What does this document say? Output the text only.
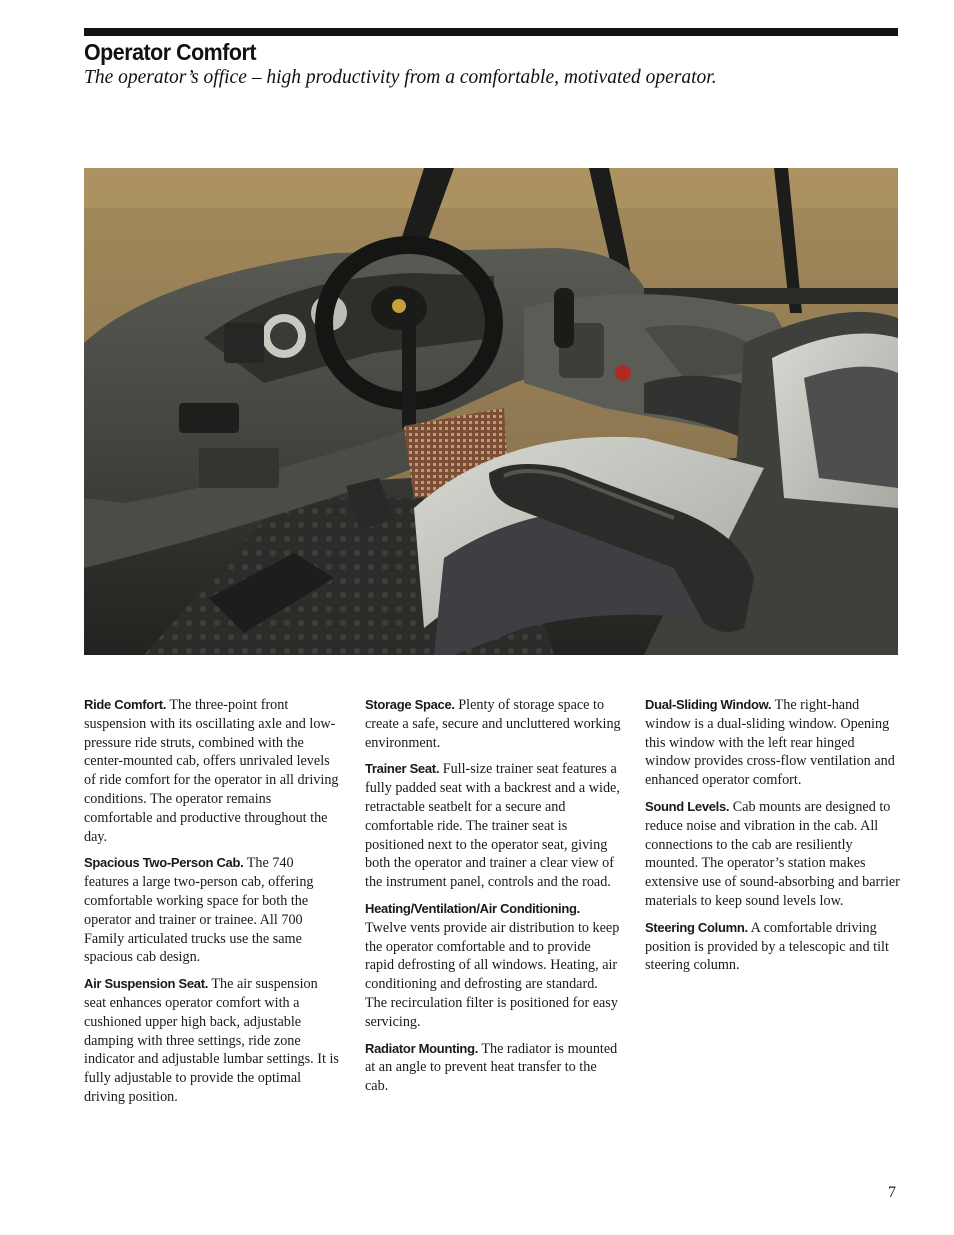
Operator Comfort

The operator’s office – high productivity from a comfortable, motivated operator.

Ride Comfort. The three-point front suspension with its oscillating axle and low-pressure ride struts, combined with the center-mounted cab, offers unrivaled levels of ride comfort for the operator in all driving conditions. The operator remains comfortable and productive throughout the day.

Spacious Two-Person Cab. The 740 features a large two-person cab, offering comfortable working space for both the operator and trainer or trainee. All 700 Family articulated trucks use the same spacious cab design.

Air Suspension Seat. The air suspension seat enhances operator comfort with a cushioned upper high back, adjustable damping with three settings, ride zone indicator and adjustable lumbar settings. It is fully adjustable to provide the optimal driving position.

Storage Space. Plenty of storage space to create a safe, secure and uncluttered working environment.

Trainer Seat. Full-size trainer seat features a fully padded seat with a backrest and a wide, retractable seatbelt for a secure and comfortable ride. The trainer seat is positioned next to the operator seat, giving both the operator and trainer a clear view of the instrument panel, controls and the road.

Heating/Ventilation/Air Conditioning.
Twelve vents provide air distribution to keep the operator comfortable and to provide rapid defrosting of all windows. Heating, air conditioning and defrosting are standard. The recirculation filter is positioned for easy servicing.

Radiator Mounting. The radiator is mounted at an angle to prevent heat transfer to the cab.

Dual-Sliding Window. The right-hand window is a dual-sliding window. Opening this window with the left rear hinged window provides cross-flow ventilation and enhanced operator comfort.

Sound Levels. Cab mounts are designed to reduce noise and vibration in the cab. All connections to the cab are resiliently mounted. The operator’s station makes extensive use of sound-absorbing and barrier materials to keep sound levels low.

Steering Column. A comfortable driving position is provided by a telescopic and tilt steering column.

7
